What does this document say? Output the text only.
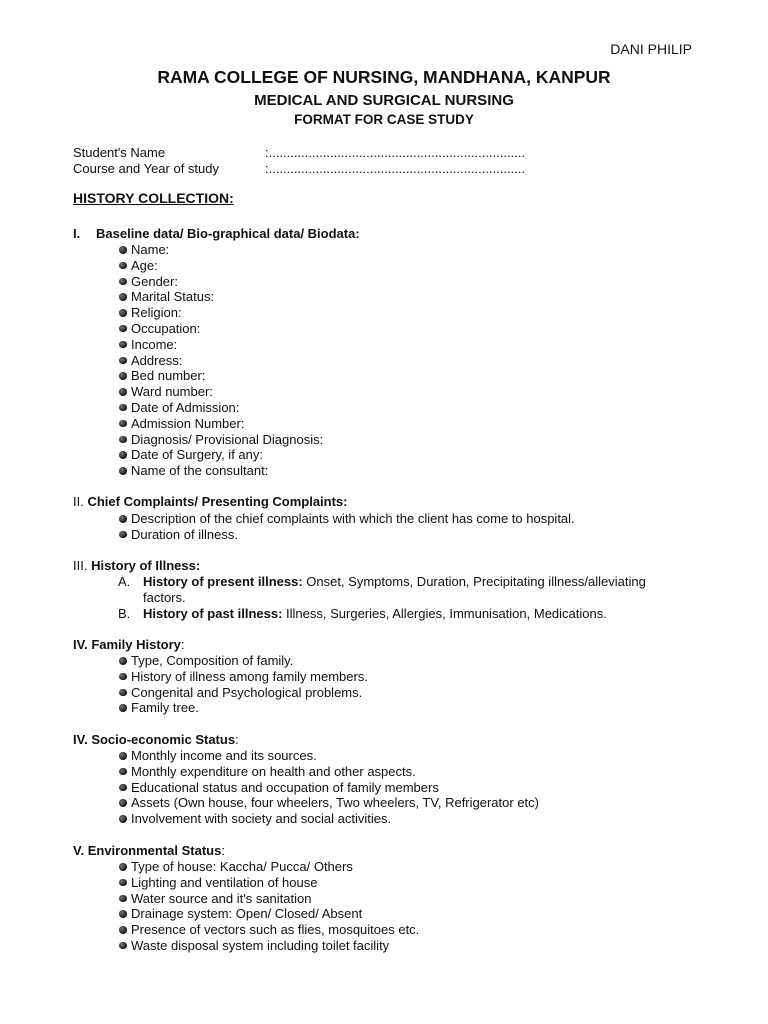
DANI PHILIP
RAMA COLLEGE OF NURSING, MANDHANA, KANPUR
MEDICAL AND SURGICAL NURSING
FORMAT FOR CASE STUDY
Student's Name	:.......................................................................
Course and Year of study	:.......................................................................
HISTORY COLLECTION:
I. Baseline data/ Bio-graphical data/ Biodata:
Name:
Age:
Gender:
Marital Status:
Religion:
Occupation:
Income:
Address:
Bed number:
Ward number:
Date of Admission:
Admission Number:
Diagnosis/ Provisional Diagnosis:
Date of Surgery, if any:
Name of the consultant:
II. Chief Complaints/ Presenting Complaints:
Description of the chief complaints with which the client has come to hospital.
Duration of illness.
III. History of Illness:
A. History of present illness: Onset, Symptoms, Duration, Precipitating illness/alleviating
factors.
B. History of past illness: Illness, Surgeries, Allergies, Immunisation, Medications.
IV. Family History:
Type, Composition of family.
History of illness among family members.
Congenital and Psychological problems.
Family tree.
IV. Socio-economic Status:
Monthly income and its sources.
Monthly expenditure on health and other aspects.
Educational status and occupation of family members
Assets (Own house, four wheelers, Two wheelers, TV, Refrigerator etc)
Involvement with society and social activities.
V. Environmental Status:
Type of house: Kaccha/ Pucca/ Others
Lighting and ventilation of house
Water source and it's sanitation
Drainage system: Open/ Closed/ Absent
Presence of vectors such as flies, mosquitoes etc.
Waste disposal system including toilet facility
